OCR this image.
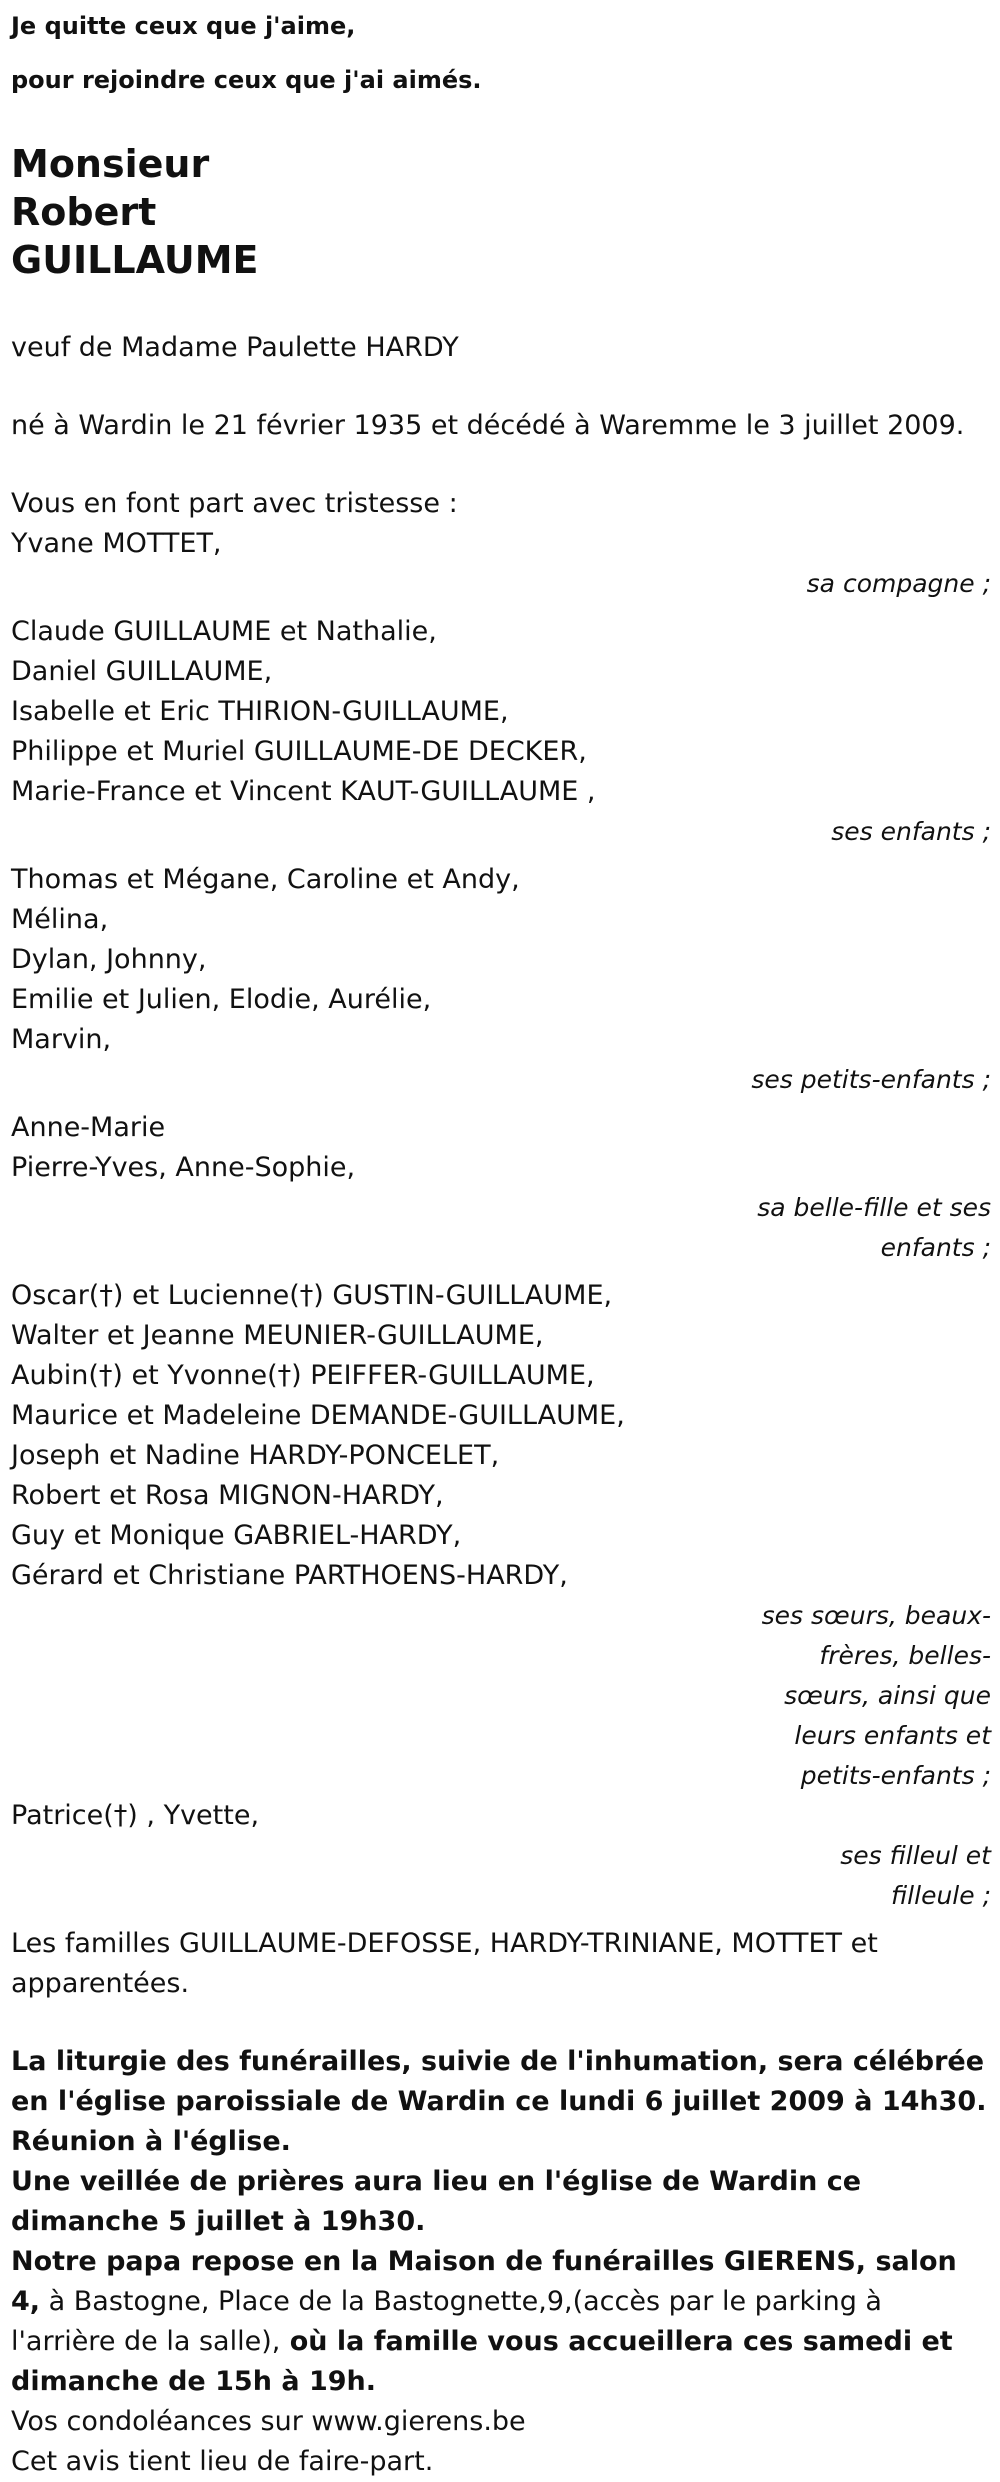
Je quitte ceux que j'aime,
pour rejoindre ceux que j'ai aimés.
Monsieur
Robert
GUILLAUME
veuf de Madame Paulette HARDY
né à Wardin le 21 février 1935 et décédé à Waremme le 3 juillet 2009.
Vous en font part avec tristesse :
Yvane MOTTET,
sa compagne ;
Claude GUILLAUME et Nathalie,
Daniel GUILLAUME,
Isabelle et Eric THIRION-GUILLAUME,
Philippe et Muriel GUILLAUME-DE DECKER,
Marie-France et Vincent KAUT-GUILLAUME ,
ses enfants ;
Thomas et Mégane, Caroline et Andy,
Mélina,
Dylan, Johnny,
Emilie et Julien, Elodie, Aurélie,
Marvin,
ses petits-enfants ;
Anne-Marie
Pierre-Yves, Anne-Sophie,
sa belle-fille et ses enfants ;
Oscar(†) et Lucienne(†) GUSTIN-GUILLAUME,
Walter et Jeanne MEUNIER-GUILLAUME,
Aubin(†) et Yvonne(†) PEIFFER-GUILLAUME,
Maurice et Madeleine DEMANDE-GUILLAUME,
Joseph et Nadine HARDY-PONCELET,
Robert et Rosa MIGNON-HARDY,
Guy et Monique GABRIEL-HARDY,
Gérard et Christiane PARTHOENS-HARDY,
ses sœurs, beaux-frères, belles-sœurs, ainsi que leurs enfants et petits-enfants ;
Patrice(†) , Yvette,
ses filleul et filleule ;
Les familles GUILLAUME-DEFOSSE, HARDY-TRINIANE, MOTTET et apparentées.
La liturgie des funérailles, suivie de l'inhumation, sera célébrée en l'église paroissiale de Wardin ce lundi 6 juillet 2009 à 14h30.
Réunion à l'église.
Une veillée de prières aura lieu en l'église de Wardin ce dimanche 5 juillet à 19h30.
Notre papa repose en la Maison de funérailles GIERENS, salon 4, à Bastogne, Place de la Bastognette,9,(accès par le parking à l'arrière de la salle), où la famille vous accueillera ces samedi et dimanche de 15h à 19h.
Vos condoléances sur www.gierens.be
Cet avis tient lieu de faire-part.
